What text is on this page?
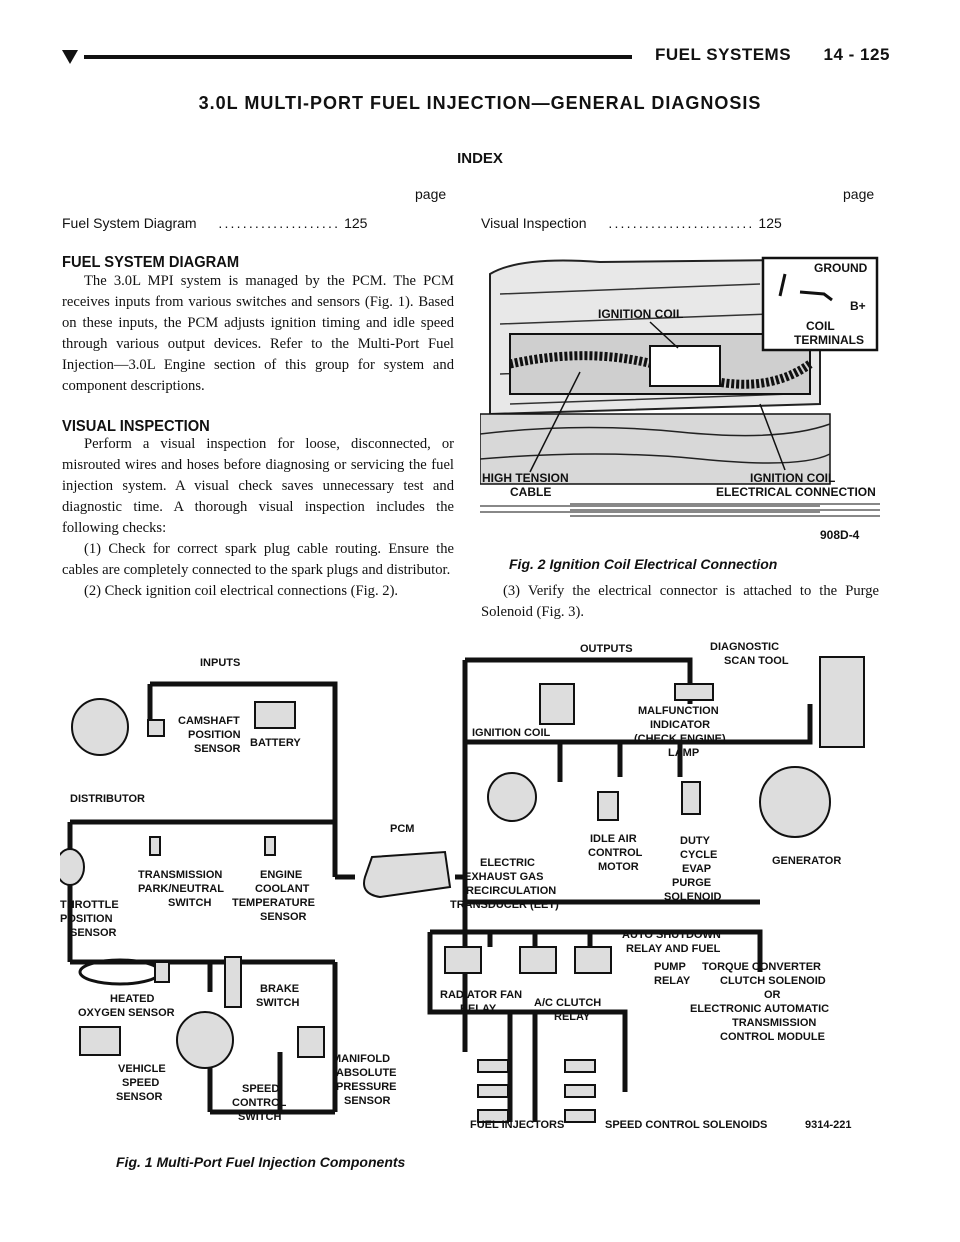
FUEL SYSTEMS 14 - 125
3.0L MULTI-PORT FUEL INJECTION—GENERAL DIAGNOSIS
INDEX
page	page
Fuel System Diagram .................... 125	Visual Inspection ........................ 125
FUEL SYSTEM DIAGRAM

The 3.0L MPI system is managed by the PCM. The PCM receives inputs from various switches and sensors (Fig. 1). Based on these inputs, the PCM adjusts ignition timing and idle speed through various output devices. Refer to the Multi-Port Fuel Injection—3.0L Engine section of this group for system and component descriptions.

VISUAL INSPECTION

Perform a visual inspection for loose, disconnected, or misrouted wires and hoses before diagnosing or servicing the fuel injection system. A visual check saves unnecessary test and diagnostic time. A thorough visual inspection includes the following checks:

(1) Check for correct spark plug cable routing. Ensure the cables are completely connected to the spark plugs and distributor.

(2) Check ignition coil electrical connections (Fig. 2).

GROUND
B+
COIL
TERMINALS
IGNITION COIL
HIGH TENSION
CABLE
IGNITION COIL
ELECTRICAL CONNECTION
908D-4
Fig. 2 Ignition Coil Electrical Connection

(3) Verify the electrical connector is attached to the Purge Solenoid (Fig. 3).

INPUTS
OUTPUTS
PCM
CAMSHAFT
POSITION
SENSOR BATTERY
DISTRIBUTOR
THROTTLE
POSITION
SENSOR
TRANSMISSION
PARK/NEUTRAL
SWITCH
ENGINE
COOLANT
TEMPERATURE
SENSOR
HEATED
OXYGEN SENSOR
BRAKE
SWITCH
VEHICLE
SPEED
SENSOR
SPEED
CONTROL
SWITCH
MANIFOLD
ABSOLUTE
PRESSURE
SENSOR
DIAGNOSTIC
SCAN TOOL
IGNITION COIL
MALFUNCTION
INDICATOR
(CHECK ENGINE)
LAMP
ELECTRIC
EXHAUST GAS
RECIRCULATION
TRANSDUCER (EET)
IDLE AIR
CONTROL
MOTOR
DUTY
CYCLE
EVAP
PURGE
SOLENOID
GENERATOR
AUTO SHUTDOWN
RELAY AND FUEL
PUMP
RELAY
TORQUE CONVERTER
CLUTCH SOLENOID
OR
ELECTRONIC AUTOMATIC
TRANSMISSION
CONTROL MODULE
RADIATOR FAN
RELAY	A/C CLUTCH
RELAY
FUEL INJECTORS	SPEED CONTROL SOLENOIDS	9314-221
Fig. 1 Multi-Port Fuel Injection Components
